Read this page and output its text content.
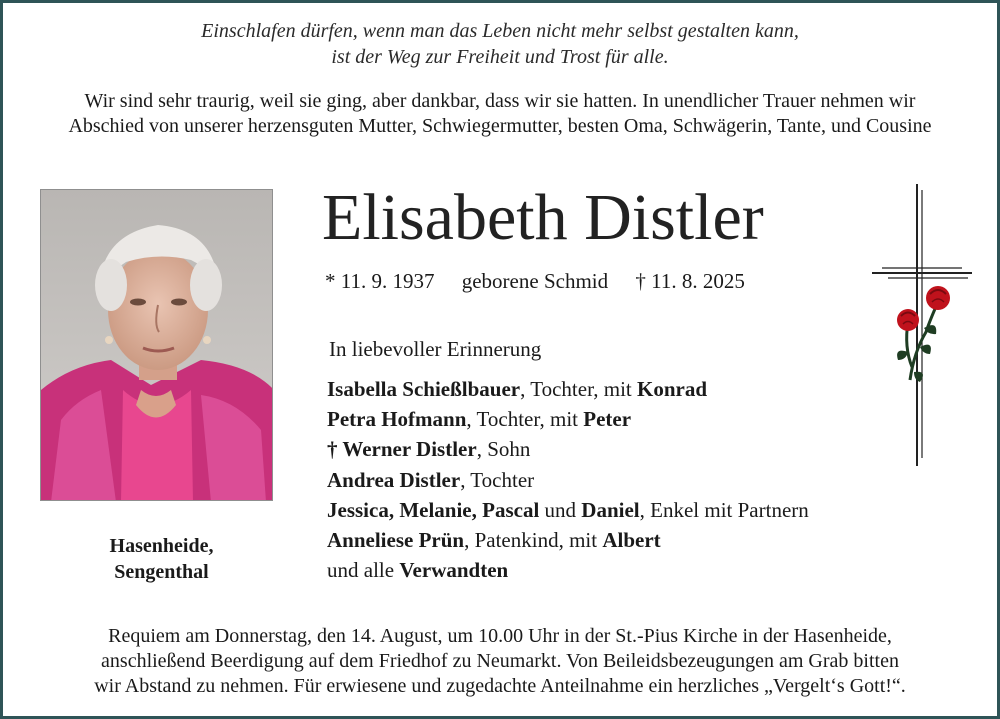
Einschlafen dürfen, wenn man das Leben nicht mehr selbst gestalten kann,
ist der Weg zur Freiheit und Trost für alle.
Wir sind sehr traurig, weil sie ging, aber dankbar, dass wir sie hatten. In unendlicher Trauer nehmen wir
Abschied von unserer herzensguten Mutter, Schwiegermutter, besten Oma, Schwägerin, Tante, und Cousine
Hasenheide,
Sengenthal
Elisabeth Distler
* 11. 9. 1937 geborene Schmid † 11. 8. 2025
In liebevoller Erinnerung
Isabella Schießlbauer, Tochter, mit Konrad
Petra Hofmann, Tochter, mit Peter
† Werner Distler, Sohn
Andrea Distler, Tochter
Jessica, Melanie, Pascal und Daniel, Enkel mit Partnern
Anneliese Prün, Patenkind, mit Albert
und alle Verwandten
Requiem am Donnerstag, den 14. August, um 10.00 Uhr in der St.-Pius Kirche in der Hasenheide,
anschließend Beerdigung auf dem Friedhof zu Neumarkt. Von Beileidsbezeugungen am Grab bitten
wir Abstand zu nehmen. Für erwiesene und zugedachte Anteilnahme ein herzliches „Vergelt‘s Gott!“.
